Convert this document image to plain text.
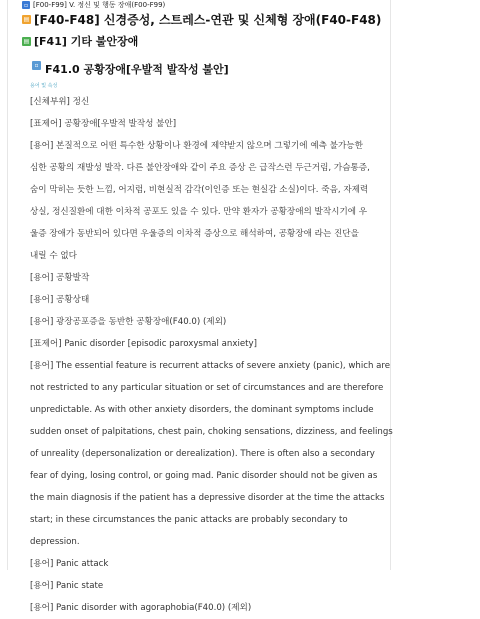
▫ [F00-F99] V. 정신 및 행동 장애(F00-F99)
▤ [F40-F48] 신경증성, 스트레스-연관 및 신체형 장애(F40-F48)
▤ [F41] 기타 불안장애
▫ F41.0 공황장애[우발적 발작성 불안]
용어 및 속성
[신체부위] 정신
[표제어] 공황장애[우발적 발작성 불안]
[용어] 본질적으로 어떤 특수한 상황이나 환경에 제약받지 않으며 그렇기에 예측 불가능한
심한 공황의 재발성 발작. 다른 불안장애와 같이 주요 증상 은 급작스런 두근거림, 가슴통증,
숨이 막히는 듯한 느낌, 어지럼, 비현실적 감각(이인증 또는 현실감 소실)이다. 죽음, 자제력
상실, 정신질환에 대한 이차적 공포도 있을 수 있다. 만약 환자가 공황장애의 발작시기에 우
울증 장애가 동반되어 있다면 우울증의 이차적 증상으로 해석하여, 공황장애 라는 진단을
내릴 수 없다
[용어] 공황발작
[용어] 공황상태
[용어] 광장공포증을 동반한 공황장애(F40.0) (제외)
[표제어] Panic disorder [episodic paroxysmal anxiety]
[용어] The essential feature is recurrent attacks of severe anxiety (panic), which are
not restricted to any particular situation or set of circumstances and are therefore
unpredictable. As with other anxiety disorders, the dominant symptoms include
sudden onset of palpitations, chest pain, choking sensations, dizziness, and feelings
of unreality (depersonalization or derealization). There is often also a secondary
fear of dying, losing control, or going mad. Panic disorder should not be given as
the main diagnosis if the patient has a depressive disorder at the time the attacks
start; in these circumstances the panic attacks are probably secondary to
depression.
[용어] Panic attack
[용어] Panic state
[용어] Panic disorder with agoraphobia(F40.0) (제외)
